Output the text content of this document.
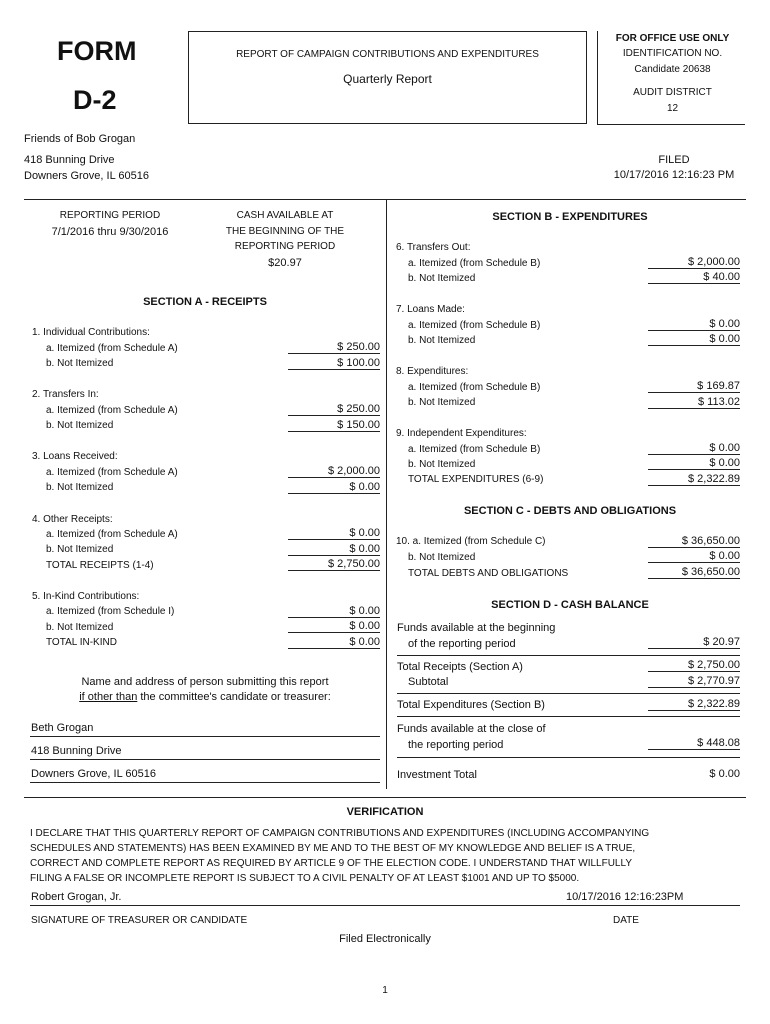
FORM
D-2
REPORT OF CAMPAIGN CONTRIBUTIONS AND EXPENDITURES
Quarterly Report
FOR OFFICE USE ONLY
IDENTIFICATION NO.
Candidate 20638
AUDIT DISTRICT
12
Friends of Bob Grogan
418 Bunning Drive
Downers Grove, IL 60516
FILED
10/17/2016 12:16:23 PM
REPORTING PERIOD
7/1/2016 thru 9/30/2016
CASH AVAILABLE AT
THE BEGINNING OF THE
REPORTING PERIOD
$20.97
SECTION A - RECEIPTS
1. Individual Contributions:
a. Itemized (from Schedule A)	$ 250.00
b. Not Itemized	$ 100.00
2. Transfers In:
a. Itemized (from Schedule A)	$ 250.00
b. Not Itemized	$ 150.00
3. Loans Received:
a. Itemized (from Schedule A)	$ 2,000.00
b. Not Itemized	$ 0.00
4. Other Receipts:
a. Itemized (from Schedule A)	$ 0.00
b. Not Itemized	$ 0.00
TOTAL RECEIPTS (1-4)	$ 2,750.00
5. In-Kind Contributions:
a. Itemized (from Schedule I)	$ 0.00
b. Not Itemized	$ 0.00
TOTAL IN-KIND	$ 0.00
Name and address of person submitting this report
if other than the committee's candidate or treasurer:
Beth Grogan
418 Bunning Drive
Downers Grove, IL 60516
SECTION B - EXPENDITURES
6. Transfers Out:
a. Itemized (from Schedule B)	$ 2,000.00
b. Not Itemized	$ 40.00
7. Loans Made:
a. Itemized (from Schedule B)	$ 0.00
b. Not Itemized	$ 0.00
8. Expenditures:
a. Itemized (from Schedule B)	$ 169.87
b. Not Itemized	$ 113.02
9. Independent Expenditures:
a. Itemized (from Schedule B)	$ 0.00
b. Not Itemized	$ 0.00
TOTAL EXPENDITURES (6-9)	$ 2,322.89
SECTION C - DEBTS AND OBLIGATIONS
10. a. Itemized (from Schedule C)	$ 36,650.00
b. Not Itemized	$ 0.00
TOTAL DEBTS AND OBLIGATIONS	$ 36,650.00
SECTION D - CASH BALANCE
Funds available at the beginning
of the reporting period	$ 20.97
Total Receipts (Section A)	$ 2,750.00
Subtotal	$ 2,770.97
Total Expenditures (Section B)	$ 2,322.89
Funds available at the close of
the reporting period	$ 448.08
Investment Total	$ 0.00
VERIFICATION
I DECLARE THAT THIS QUARTERLY REPORT OF CAMPAIGN CONTRIBUTIONS AND EXPENDITURES (INCLUDING ACCOMPANYING
SCHEDULES AND STATEMENTS) HAS BEEN EXAMINED BY ME AND TO THE BEST OF MY KNOWLEDGE AND BELIEF IS A TRUE,
CORRECT AND COMPLETE REPORT AS REQUIRED BY ARTICLE 9 OF THE ELECTION CODE. I UNDERSTAND THAT WILLFULLY
FILING A FALSE OR INCOMPLETE REPORT IS SUBJECT TO A CIVIL PENALTY OF AT LEAST $1001 AND UP TO $5000.
Robert Grogan, Jr.	10/17/2016 12:16:23PM
SIGNATURE OF TREASURER OR CANDIDATE	DATE
Filed Electronically
1
